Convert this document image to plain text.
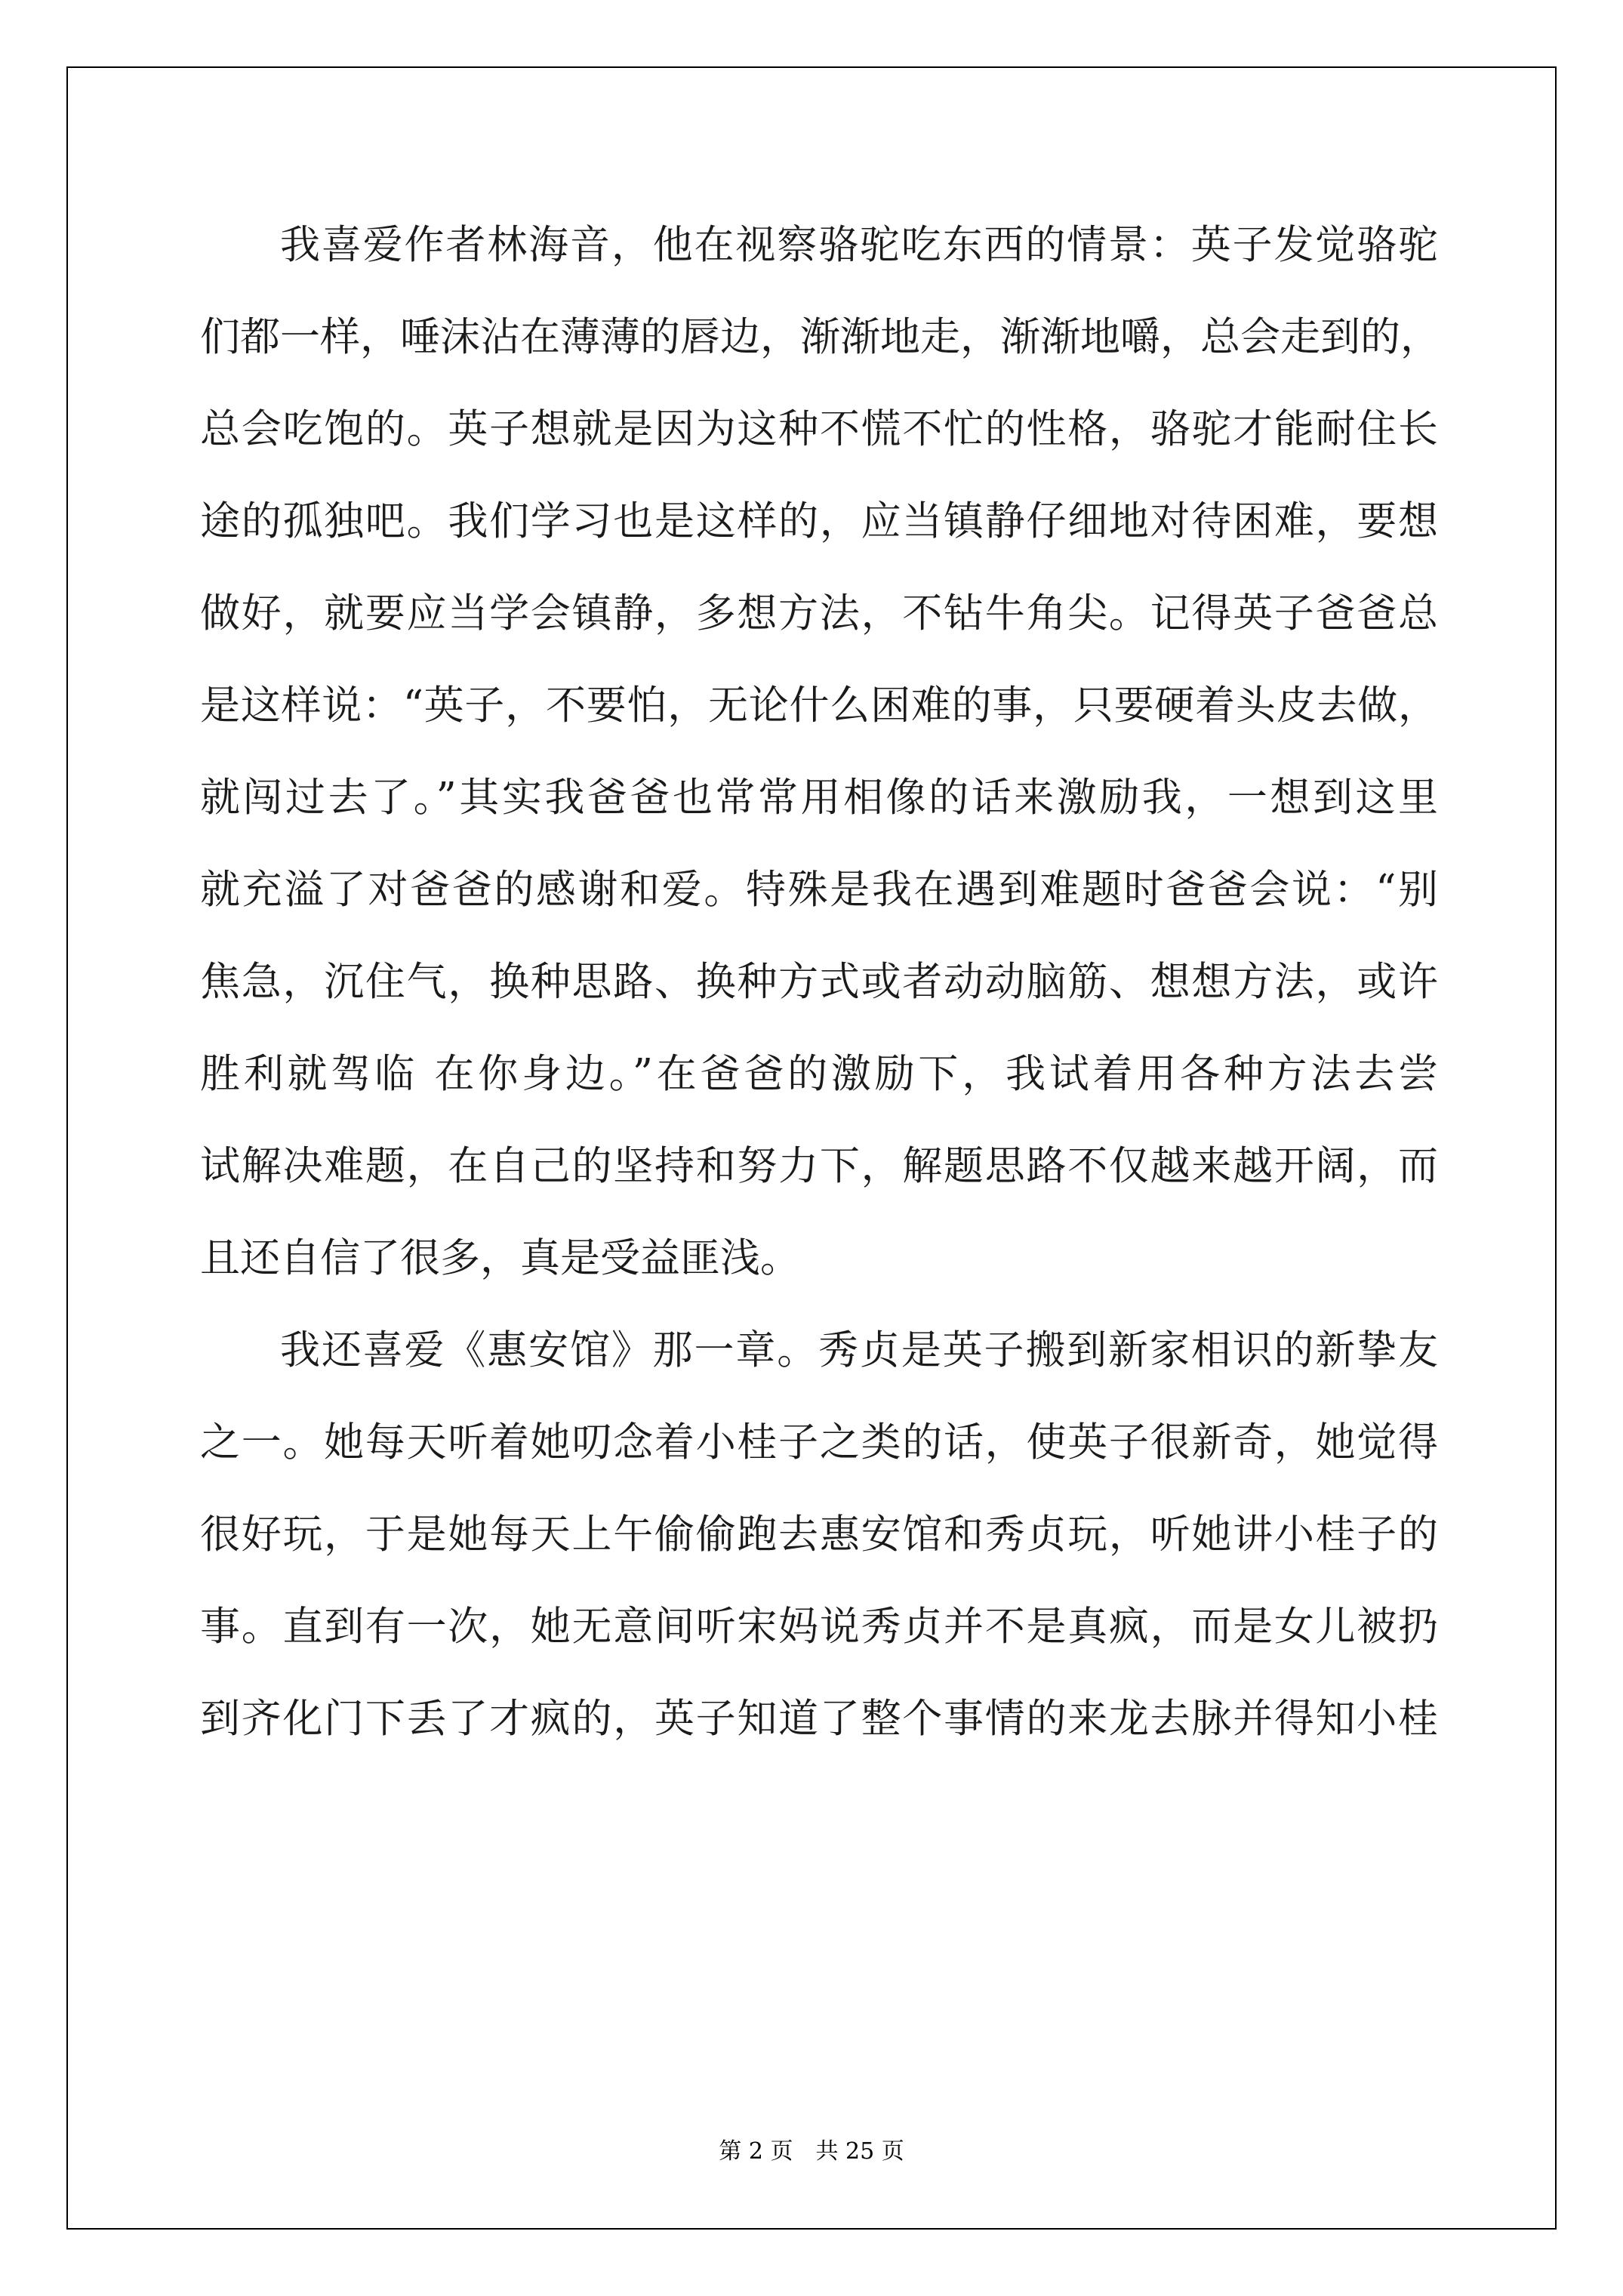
我喜爱作者林海音，他在视察骆驼吃东西的情景：英子发觉骆驼
们都一样，唾沫沾在薄薄的唇边，渐渐地走，渐渐地嚼，总会走到的，
总会吃饱的。英子想就是因为这种不慌不忙的性格，骆驼才能耐住长
途的孤独吧。我们学习也是这样的，应当镇静仔细地对待困难，要想
做好，就要应当学会镇静，多想方法，不钻牛角尖。记得英子爸爸总
是这样说：“英子，不要怕，无论什么困难的事，只要硬着头皮去做，
就闯过去了。”其实我爸爸也常常用相像的话来激励我，一想到这里
就充溢了对爸爸的感谢和爱。特殊是我在遇到难题时爸爸会说：“别
焦急，沉住气，换种思路、换种方式或者动动脑筋、想想方法，或许
胜利就驾临 在你身边。”在爸爸的激励下，我试着用各种方法去尝
试解决难题，在自己的坚持和努力下，解题思路不仅越来越开阔，而
且还自信了很多，真是受益匪浅。
我还喜爱《惠安馆》那一章。秀贞是英子搬到新家相识的新挚友
之一。她每天听着她叨念着小桂子之类的话，使英子很新奇，她觉得
很好玩，于是她每天上午偷偷跑去惠安馆和秀贞玩，听她讲小桂子的
事。直到有一次，她无意间听宋妈说秀贞并不是真疯，而是女儿被扔
到齐化门下丢了才疯的，英子知道了整个事情的来龙去脉并得知小桂
第 2 页 共 25 页
